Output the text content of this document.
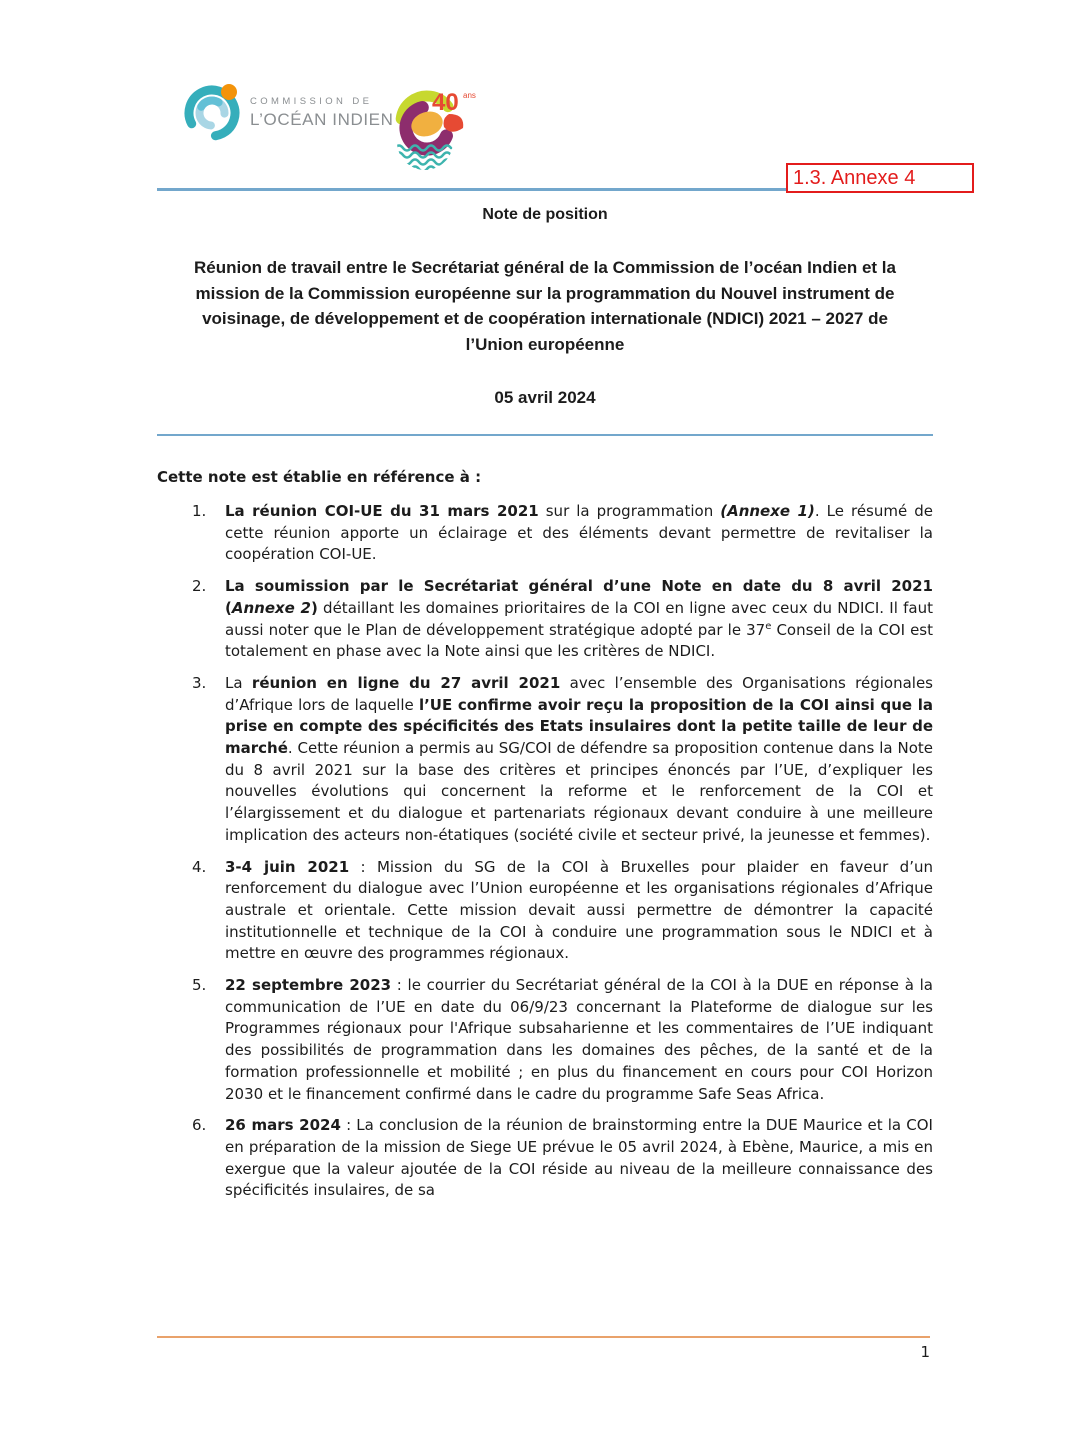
COMMISSION DE
L’OCÉAN INDIEN
40 ans
1.3. Annexe 4
Note de position

Réunion de travail entre le Secrétariat général de la Commission de l’océan Indien et la mission de la Commission européenne sur la programmation du Nouvel instrument de voisinage, de développement et de coopération internationale (NDICI) 2021 – 2027 de l’Union européenne

05 avril 2024

Cette note est établie en référence à :

1. La réunion COI-UE du 31 mars 2021 sur la programmation (Annexe 1). Le résumé de cette réunion apporte un éclairage et des éléments devant permettre de revitaliser la coopération COI-UE.
2. La soumission par le Secrétariat général d’une Note en date du 8 avril 2021 (Annexe 2) détaillant les domaines prioritaires de la COI en ligne avec ceux du NDICI. Il faut aussi noter que le Plan de développement stratégique adopté par le 37e Conseil de la COI est totalement en phase avec la Note ainsi que les critères de NDICI.
3. La réunion en ligne du 27 avril 2021 avec l’ensemble des Organisations régionales d’Afrique lors de laquelle l’UE confirme avoir reçu la proposition de la COI ainsi que la prise en compte des spécificités des Etats insulaires dont la petite taille de leur de marché. Cette réunion a permis au SG/COI de défendre sa proposition contenue dans la Note du 8 avril 2021 sur la base des critères et principes énoncés par l’UE, d’expliquer les nouvelles évolutions qui concernent la reforme et le renforcement de la COI et l’élargissement et du dialogue et partenariats régionaux devant conduire à une meilleure implication des acteurs non-étatiques (société civile et secteur privé, la jeunesse et femmes).
4. 3-4 juin 2021 : Mission du SG de la COI à Bruxelles pour plaider en faveur d’un renforcement du dialogue avec l’Union européenne et les organisations régionales d’Afrique australe et orientale. Cette mission devait aussi permettre de démontrer la capacité institutionnelle et technique de la COI à conduire une programmation sous le NDICI et à mettre en œuvre des programmes régionaux.
5. 22 septembre 2023 : le courrier du Secrétariat général de la COI à la DUE en réponse à la communication de l’UE en date du 06/9/23 concernant la Plateforme de dialogue sur les Programmes régionaux pour l'Afrique subsaharienne et les commentaires de l’UE indiquant des possibilités de programmation dans les domaines des pêches, de la santé et de la formation professionnelle et mobilité ; en plus du financement en cours pour COI Horizon 2030 et le financement confirmé dans le cadre du programme Safe Seas Africa.
6. 26 mars 2024 : La conclusion de la réunion de brainstorming entre la DUE Maurice et la COI en préparation de la mission de Siege UE prévue le 05 avril 2024, à Ebène, Maurice, a mis en exergue que la valeur ajoutée de la COI réside au niveau de la meilleure connaissance des spécificités insulaires, de sa
1
